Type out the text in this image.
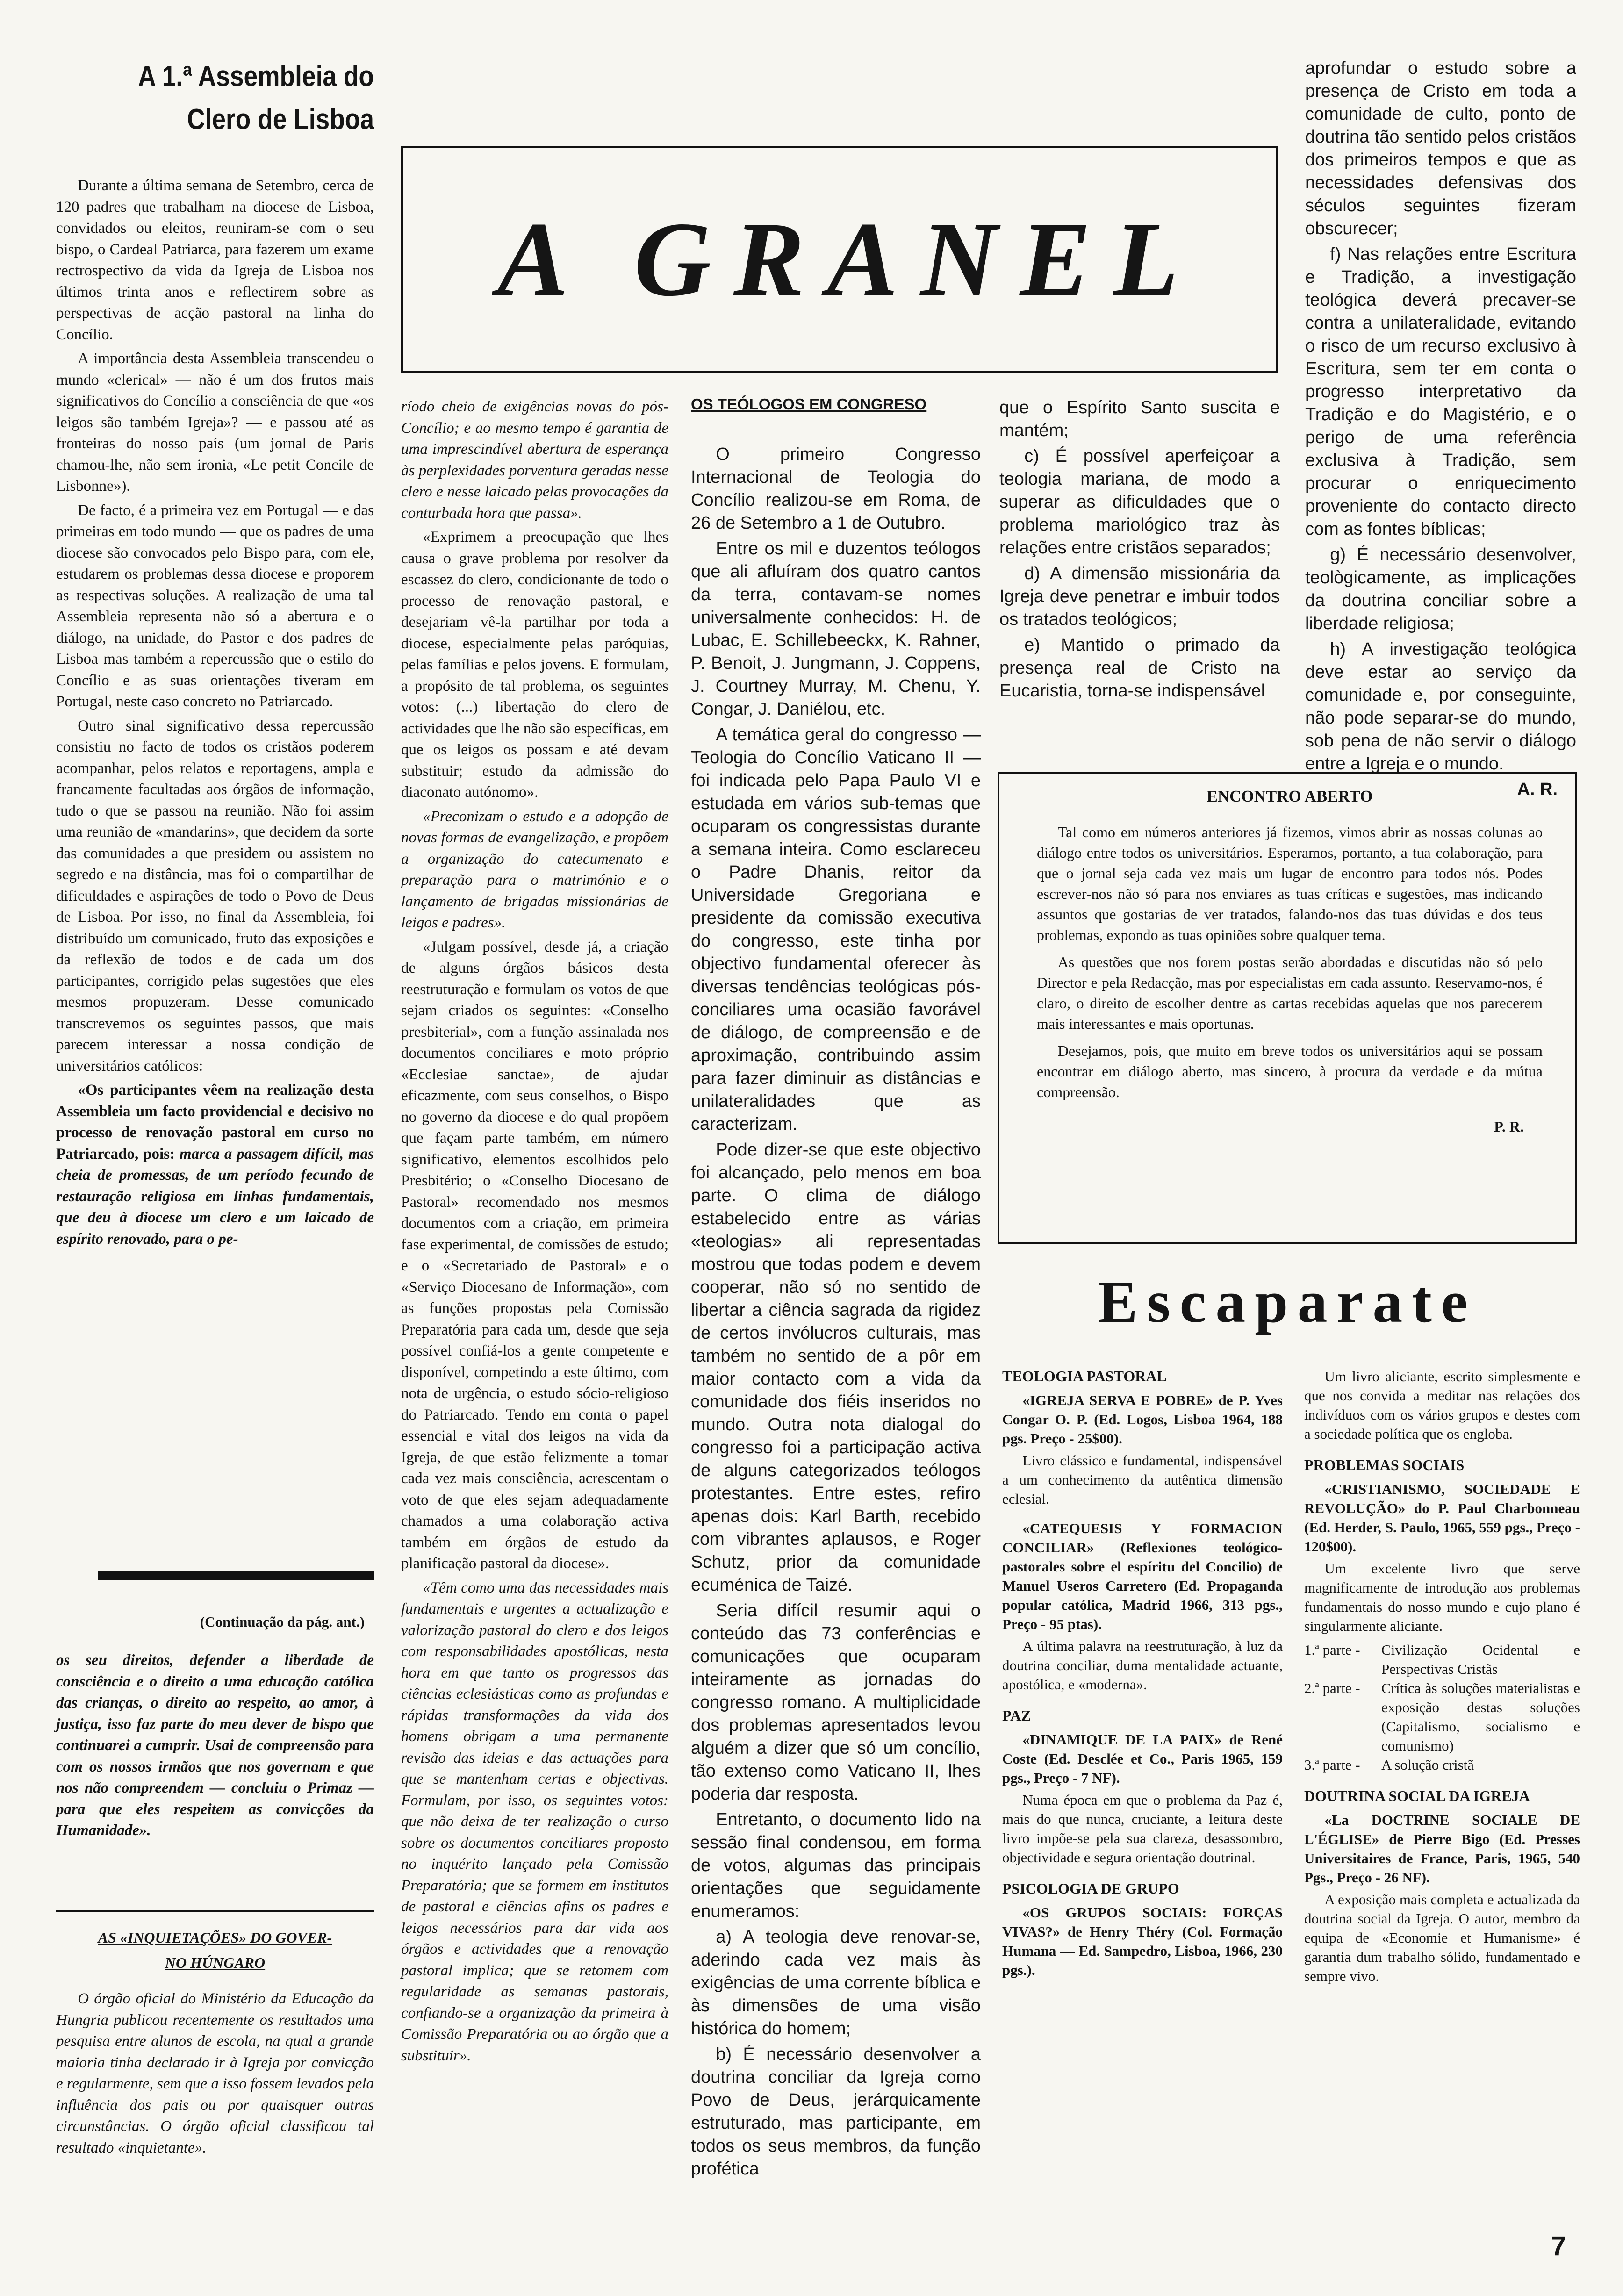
A 1.ª Assembleia do
Clero de Lisboa

Durante a última semana de Setembro, cerca de 120 padres que trabalham na diocese de Lisboa, convidados ou eleitos, reuniram-se com o seu bispo, o Cardeal Patriarca, para fazerem um exame rectrospectivo da vida da Igreja de Lisboa nos últimos trinta anos e reflectirem sobre as perspectivas de acção pastoral na linha do Concílio.

A importância desta Assembleia transcendeu o mundo «clerical» — não é um dos frutos mais significativos do Concílio a consciência de que «os leigos são também Igreja»? — e passou até as fronteiras do nosso país (um jornal de Paris chamou-lhe, não sem ironia, «Le petit Concile de Lisbonne»).

De facto, é a primeira vez em Portugal — e das primeiras em todo mundo — que os padres de uma diocese são convocados pelo Bispo para, com ele, estudarem os problemas dessa diocese e proporem as respectivas soluções. A realização de uma tal Assembleia representa não só a abertura e o diálogo, na unidade, do Pastor e dos padres de Lisboa mas também a repercussão que o estilo do Concílio e as suas orientações tiveram em Portugal, neste caso concreto no Patriarcado.

Outro sinal significativo dessa repercussão consistiu no facto de todos os cristãos poderem acompanhar, pelos relatos e reportagens, ampla e francamente facultadas aos órgãos de informação, tudo o que se passou na reunião. Não foi assim uma reunião de «mandarins», que decidem da sorte das comunidades a que presidem ou assistem no segredo e na distância, mas foi o compartilhar de dificuldades e aspirações de todo o Povo de Deus de Lisboa. Por isso, no final da Assembleia, foi distribuído um comunicado, fruto das exposições e da reflexão de todos e de cada um dos participantes, corrigido pelas sugestões que eles mesmos propuzeram. Desse comunicado transcrevemos os seguintes passos, que mais parecem interessar a nossa condição de universitários católicos:

«Os participantes vêem na realização desta Assembleia um facto providencial e decisivo no processo de renovação pastoral em curso no Patriarcado, pois: marca a passagem difícil, mas cheia de promessas, de um período fecundo de restauração religiosa em linhas fundamentais, que deu à diocese um clero e um laicado de espírito renovado, para o pe-

(Continuação da pág. ant.)

os seu direitos, defender a liberdade de consciência e o direito a uma educação católica das crianças, o direito ao respeito, ao amor, à justiça, isso faz parte do meu dever de bispo que continuarei a cumprir. Usai de compreensão para com os nossos irmãos que nos governam e que nos não compreendem — concluiu o Primaz — para que eles respeitem as convicções da Humanidade».

AS «INQUIETAÇÕES» DO GOVER-
NO HÚNGARO

O órgão oficial do Ministério da Educação da Hungria publicou recentemente os resultados uma pesquisa entre alunos de escola, na qual a grande maioria tinha declarado ir à Igreja por convicção e regularmente, sem que a isso fossem levados pela influência dos pais ou por quaisquer outras circunstâncias. O órgão oficial classificou tal resultado «inquietante».

A GRANEL

ríodo cheio de exigências novas do pós-Concílio; e ao mesmo tempo é garantia de uma imprescindível abertura de esperança às perplexidades porventura geradas nesse clero e nesse laicado pelas provocações da conturbada hora que passa».

«Exprimem a preocupação que lhes causa o grave problema por resolver da escassez do clero, condicionante de todo o processo de renovação pastoral, e desejariam vê-la partilhar por toda a diocese, especialmente pelas paróquias, pelas famílias e pelos jovens. E formulam, a propósito de tal problema, os seguintes votos: (...) libertação do clero de actividades que lhe não são específicas, em que os leigos os possam e até devam substituir; estudo da admissão do diaconato autónomo».

«Preconizam o estudo e a adopção de novas formas de evangelização, e propõem a organização do catecumenato e preparação para o matrimónio e o lançamento de brigadas missionárias de leigos e padres».

«Julgam possível, desde já, a criação de alguns órgãos básicos desta reestruturação e formulam os votos de que sejam criados os seguintes: «Conselho presbiterial», com a função assinalada nos documentos conciliares e moto próprio «Ecclesiae sanctae», de ajudar eficazmente, com seus conselhos, o Bispo no governo da diocese e do qual propõem que façam parte também, em número significativo, elementos escolhidos pelo Presbitério; o «Conselho Diocesano de Pastoral» recomendado nos mesmos documentos com a criação, em primeira fase experimental, de comissões de estudo; e o «Secretariado de Pastoral» e o «Serviço Diocesano de Informação», com as funções propostas pela Comissão Preparatória para cada um, desde que seja possível confiá-los a gente competente e disponível, competindo a este último, com nota de urgência, o estudo sócio-religioso do Patriarcado. Tendo em conta o papel essencial e vital dos leigos na vida da Igreja, de que estão felizmente a tomar cada vez mais consciência, acrescentam o voto de que eles sejam adequadamente chamados a uma colaboração activa também em órgãos de estudo da planificação pastoral da diocese».

«Têm como uma das necessidades mais fundamentais e urgentes a actualização e valorização pastoral do clero e dos leigos com responsabilidades apostólicas, nesta hora em que tanto os progressos das ciências eclesiásticas como as profundas e rápidas transformações da vida dos homens obrigam a uma permanente revisão das ideias e das actuações para que se mantenham certas e objectivas. Formulam, por isso, os seguintes votos: que não deixa de ter realização o curso sobre os documentos conciliares proposto no inquérito lançado pela Comissão Preparatória; que se formem em institutos de pastoral e ciências afins os padres e leigos necessários para dar vida aos órgãos e actividades que a renovação pastoral implica; que se retomem com regularidade as semanas pastorais, confiando-se a organização da primeira à Comissão Preparatória ou ao órgão que a substituir».

OS TEÓLOGOS EM CONGRESO

O primeiro Congresso Internacional de Teologia do Concílio realizou-se em Roma, de 26 de Setembro a 1 de Outubro.

Entre os mil e duzentos teólogos que ali afluíram dos quatro cantos da terra, contavam-se nomes universalmente conhecidos: H. de Lubac, E. Schillebeeckx, K. Rahner, P. Benoit, J. Jungmann, J. Coppens, J. Courtney Murray, M. Chenu, Y. Congar, J. Daniélou, etc.

A temática geral do congresso — Teologia do Concílio Vaticano II — foi indicada pelo Papa Paulo VI e estudada em vários sub-temas que ocuparam os congressistas durante a semana inteira. Como esclareceu o Padre Dhanis, reitor da Universidade Gregoriana e presidente da comissão executiva do congresso, este tinha por objectivo fundamental oferecer às diversas tendências teológicas pós-conciliares uma ocasião favorável de diálogo, de compreensão e de aproximação, contribuindo assim para fazer diminuir as distâncias e unilateralidades que as caracterizam.

Pode dizer-se que este objectivo foi alcançado, pelo menos em boa parte. O clima de diálogo estabelecido entre as várias «teologias» ali representadas mostrou que todas podem e devem cooperar, não só no sentido de libertar a ciência sagrada da rigidez de certos invólucros culturais, mas também no sentido de a pôr em maior contacto com a vida da comunidade dos fiéis inseridos no mundo. Outra nota dialogal do congresso foi a participação activa de alguns categorizados teólogos protestantes. Entre estes, refiro apenas dois: Karl Barth, recebido com vibrantes aplausos, e Roger Schutz, prior da comunidade ecuménica de Taizé.

Seria difícil resumir aqui o conteúdo das 73 conferências e comunicações que ocuparam inteiramente as jornadas do congresso romano. A multiplicidade dos problemas apresentados levou alguém a dizer que só um concílio, tão extenso como Vaticano II, lhes poderia dar resposta.

Entretanto, o documento lido na sessão final condensou, em forma de votos, algumas das principais orientações que seguidamente enumeramos:

a) A teologia deve renovar-se, aderindo cada vez mais às exigências de uma corrente bíblica e às dimensões de uma visão histórica do homem;

b) É necessário desenvolver a doutrina conciliar da Igreja como Povo de Deus, jerárquicamente estruturado, mas participante, em todos os seus membros, da função profética

que o Espírito Santo suscita e mantém;

c) É possível aperfeiçoar a teologia mariana, de modo a superar as dificuldades que o problema mariológico traz às relações entre cristãos separados;

d) A dimensão missionária da Igreja deve penetrar e imbuir todos os tratados teológicos;

e) Mantido o primado da presença real de Cristo na Eucaristia, torna-se indispensável

aprofundar o estudo sobre a presença de Cristo em toda a comunidade de culto, ponto de doutrina tão sentido pelos cristãos dos primeiros tempos e que as necessidades defensivas dos séculos seguintes fizeram obscurecer;

f) Nas relações entre Escritura e Tradição, a investigação teológica deverá precaver-se contra a unilateralidade, evitando o risco de um recurso exclusivo à Escritura, sem ter em conta o progresso interpretativo da Tradição e do Magistério, e o perigo de uma referência exclusiva à Tradição, sem procurar o enriquecimento proveniente do contacto directo com as fontes bíblicas;

g) É necessário desenvolver, teològicamente, as implicações da doutrina conciliar sobre a liberdade religiosa;

h) A investigação teológica deve estar ao serviço da comunidade e, por conseguinte, não pode separar-se do mundo, sob pena de não servir o diálogo entre a Igreja e o mundo.

A. R.
ENCONTRO ABERTO

Tal como em números anteriores já fizemos, vimos abrir as nossas colunas ao diálogo entre todos os universitários. Esperamos, portanto, a tua colaboração, para que o jornal seja cada vez mais um lugar de encontro para todos nós. Podes escrever-nos não só para nos enviares as tuas críticas e sugestões, mas indicando assuntos que gostarias de ver tratados, falando-nos das tuas dúvidas e dos teus problemas, expondo as tuas opiniões sobre qualquer tema.

As questões que nos forem postas serão abordadas e discutidas não só pelo Director e pela Redacção, mas por especialistas em cada assunto. Reservamo-nos, é claro, o direito de escolher dentre as cartas recebidas aquelas que nos parecerem mais interessantes e mais oportunas.

Desejamos, pois, que muito em breve todos os universitários aqui se possam encontrar em diálogo aberto, mas sincero, à procura da verdade e da mútua compreensão.

P. R.
Escaparate
TEOLOGIA PASTORAL

«IGREJA SERVA E POBRE» de P. Yves Congar O. P. (Ed. Logos, Lisboa 1964, 188 pgs. Preço - 25$00).

Livro clássico e fundamental, indispensável a um conhecimento da autêntica dimensão eclesial.

«CATEQUESIS Y FORMACION CONCILIAR» (Reflexiones teológico-pastorales sobre el espíritu del Concilio) de Manuel Useros Carretero (Ed. Propaganda popular católica, Madrid 1966, 313 pgs., Preço - 95 ptas).

A última palavra na reestruturação, à luz da doutrina conciliar, duma mentalidade actuante, apostólica, e «moderna».

PAZ

«DINAMIQUE DE LA PAIX» de René Coste (Ed. Desclée et Co., Paris 1965, 159 pgs., Preço - 7 NF).

Numa época em que o problema da Paz é, mais do que nunca, cruciante, a leitura deste livro impõe-se pela sua clareza, desassombro, objectividade e segura orientação doutrinal.

PSICOLOGIA DE GRUPO

«OS GRUPOS SOCIAIS: FORÇAS VIVAS?» de Henry Théry (Col. Formação Humana — Ed. Sampedro, Lisboa, 1966, 230 pgs.).

Um livro aliciante, escrito simplesmente e que nos convida a meditar nas relações dos indivíduos com os vários grupos e destes com a sociedade política que os engloba.

PROBLEMAS SOCIAIS

«CRISTIANISMO, SOCIEDADE E REVOLUÇÃO» do P. Paul Charbonneau (Ed. Herder, S. Paulo, 1965, 559 pgs., Preço - 120$00).

Um excelente livro que serve magnificamente de introdução aos problemas fundamentais do nosso mundo e cujo plano é singularmente aliciante.

1.ª parte -	Civilização Ocidental e Perspectivas Cristãs
2.ª parte -	Crítica às soluções materialistas e exposição destas soluções (Capitalismo, socialismo e comunismo)
3.ª parte -	A solução cristã
DOUTRINA SOCIAL DA IGREJA

«La DOCTRINE SOCIALE DE L'ÉGLISE» de Pierre Bigo (Ed. Presses Universitaires de France, Paris, 1965, 540 Pgs., Preço - 26 NF).

A exposição mais completa e actualizada da doutrina social da Igreja. O autor, membro da equipa de «Economie et Humanisme» é garantia dum trabalho sólido, fundamentado e sempre vivo.

7
